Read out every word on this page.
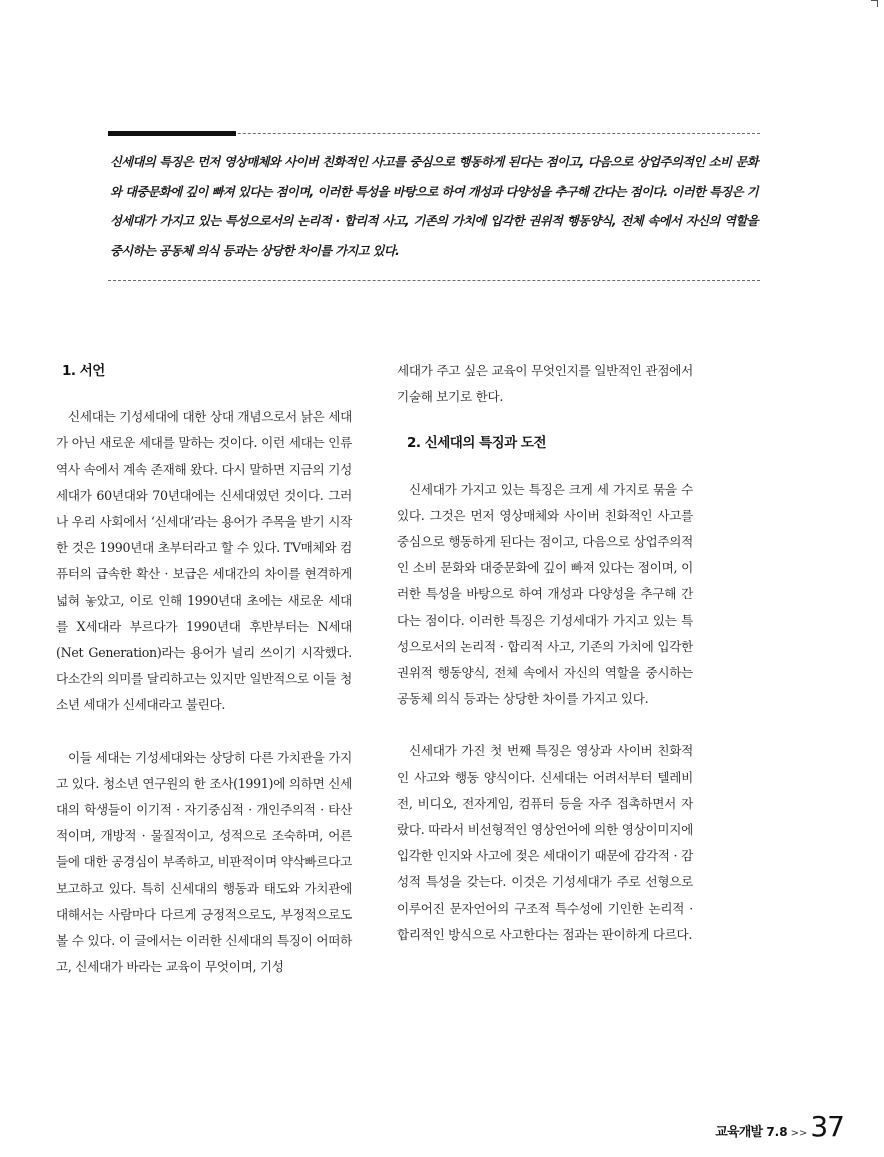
신세대의 특징은 먼저 영상매체와 사이버 친화적인 사고를 중심으로 행동하게 된다는 점이고, 다음으로 상업주의적인 소비 문화와 대중문화에 깊이 빠져 있다는 점이며, 이러한 특성을 바탕으로 하여 개성과 다양성을 추구해 간다는 점이다. 이러한 특징은 기성세대가 가지고 있는 특성으로서의 논리적 · 합리적 사고, 기존의 가치에 입각한 권위적 행동양식, 전체 속에서 자신의 역할을 중시하는 공동체 의식 등과는 상당한 차이를 가지고 있다.
1. 서언

신세대는 기성세대에 대한 상대 개념으로서 낡은 세대가 아닌 새로운 세대를 말하는 것이다. 이런 세대는 인류 역사 속에서 계속 존재해 왔다. 다시 말하면 지금의 기성세대가 60년대와 70년대에는 신세대였던 것이다. 그러나 우리 사회에서 ‘신세대’라는 용어가 주목을 받기 시작한 것은 1990년대 초부터라고 할 수 있다. TV매체와 컴퓨터의 급속한 확산 · 보급은 세대간의 차이를 현격하게 넓혀 놓았고, 이로 인해 1990년대 초에는 새로운 세대를 X세대라 부르다가 1990년대 후반부터는 N세대(Net Generation)라는 용어가 널리 쓰이기 시작했다. 다소간의 의미를 달리하고는 있지만 일반적으로 이들 청소년 세대가 신세대라고 불린다.

이들 세대는 기성세대와는 상당히 다른 가치관을 가지고 있다. 청소년 연구원의 한 조사(1991)에 의하면 신세대의 학생들이 이기적 · 자기중심적 · 개인주의적 · 타산적이며, 개방적 · 물질적이고, 성적으로 조숙하며, 어른들에 대한 공경심이 부족하고, 비판적이며 약삭빠르다고 보고하고 있다. 특히 신세대의 행동과 태도와 가치관에 대해서는 사람마다 다르게 긍정적으로도, 부정적으로도 볼 수 있다. 이 글에서는 이러한 신세대의 특징이 어떠하고, 신세대가 바라는 교육이 무엇이며, 기성

세대가 주고 싶은 교육이 무엇인지를 일반적인 관점에서 기술해 보기로 한다.

2. 신세대의 특징과 도전

신세대가 가지고 있는 특징은 크게 세 가지로 묶을 수 있다. 그것은 먼저 영상매체와 사이버 친화적인 사고를 중심으로 행동하게 된다는 점이고, 다음으로 상업주의적인 소비 문화와 대중문화에 깊이 빠져 있다는 점이며, 이러한 특성을 바탕으로 하여 개성과 다양성을 추구해 간다는 점이다. 이러한 특징은 기성세대가 가지고 있는 특성으로서의 논리적 · 합리적 사고, 기존의 가치에 입각한 권위적 행동양식, 전체 속에서 자신의 역할을 중시하는 공동체 의식 등과는 상당한 차이를 가지고 있다.

신세대가 가진 첫 번째 특징은 영상과 사이버 친화적인 사고와 행동 양식이다. 신세대는 어려서부터 텔레비전, 비디오, 전자게임, 컴퓨터 등을 자주 접촉하면서 자랐다. 따라서 비선형적인 영상언어에 의한 영상이미지에 입각한 인지와 사고에 젖은 세대이기 때문에 감각적 · 감성적 특성을 갖는다. 이것은 기성세대가 주로 선형으로 이루어진 문자언어의 구조적 특수성에 기인한 논리적 · 합리적인 방식으로 사고한다는 점과는 판이하게 다르다.

교육개발 7.8 >> 37
